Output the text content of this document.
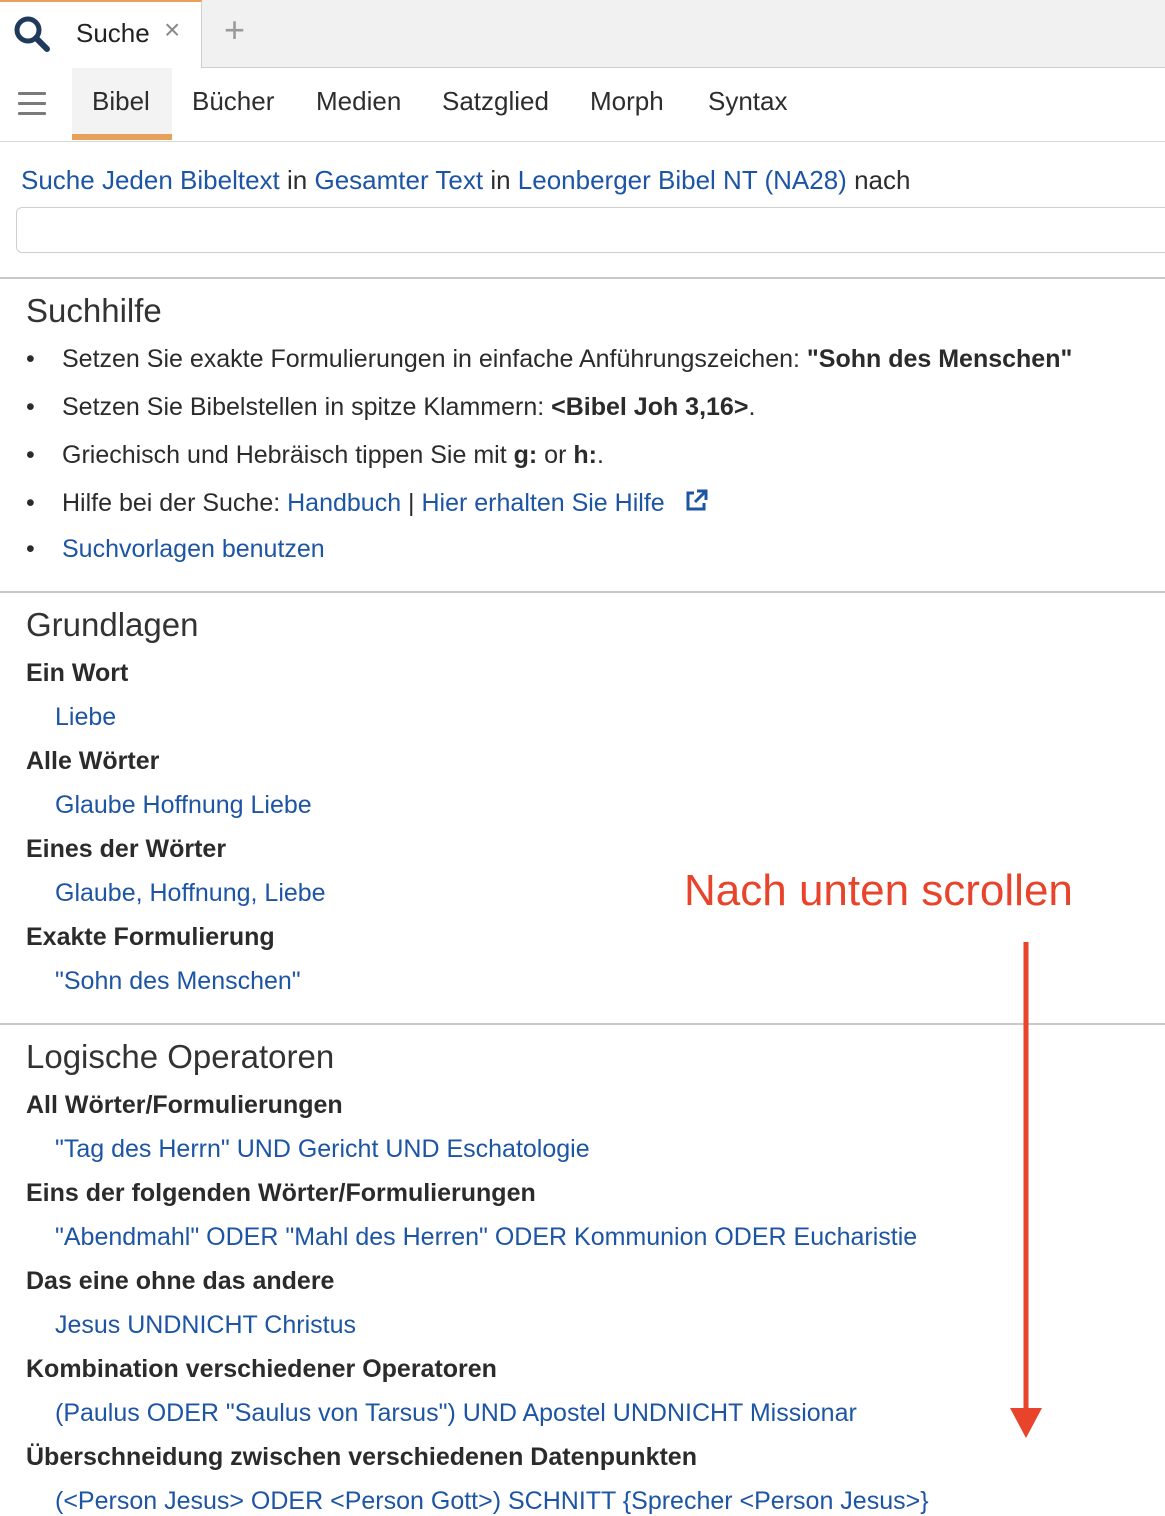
Suche × +
Bibel Bücher Medien Satzglied Morph Syntax
Suche Jeden Bibeltext in Gesamter Text in Leonberger Bibel NT (NA28) nach
Suchhilfe
• Setzen Sie exakte Formulierungen in einfache Anführungszeichen: "Sohn des Menschen"
• Setzen Sie Bibelstellen in spitze Klammern: <Bibel Joh 3,16>.
• Griechisch und Hebräisch tippen Sie mit g: or h:.
• Hilfe bei der Suche: Handbuch | Hier erhalten Sie Hilfe
• Suchvorlagen benutzen
Grundlagen
Ein Wort
Liebe
Alle Wörter
Glaube Hoffnung Liebe
Eines der Wörter
Glaube, Hoffnung, Liebe
Exakte Formulierung
"Sohn des Menschen"
Logische Operatoren
All Wörter/Formulierungen
"Tag des Herrn" UND Gericht UND Eschatologie
Eins der folgenden Wörter/Formulierungen
"Abendmahl" ODER "Mahl des Herren" ODER Kommunion ODER Eucharistie
Das eine ohne das andere
Jesus UNDNICHT Christus
Kombination verschiedener Operatoren
(Paulus ODER "Saulus von Tarsus") UND Apostel UNDNICHT Missionar
Überschneidung zwischen verschiedenen Datenpunkten
(<Person Jesus> ODER <Person Gott>) SCHNITT {Sprecher <Person Jesus>}
Nach unten scrollen
